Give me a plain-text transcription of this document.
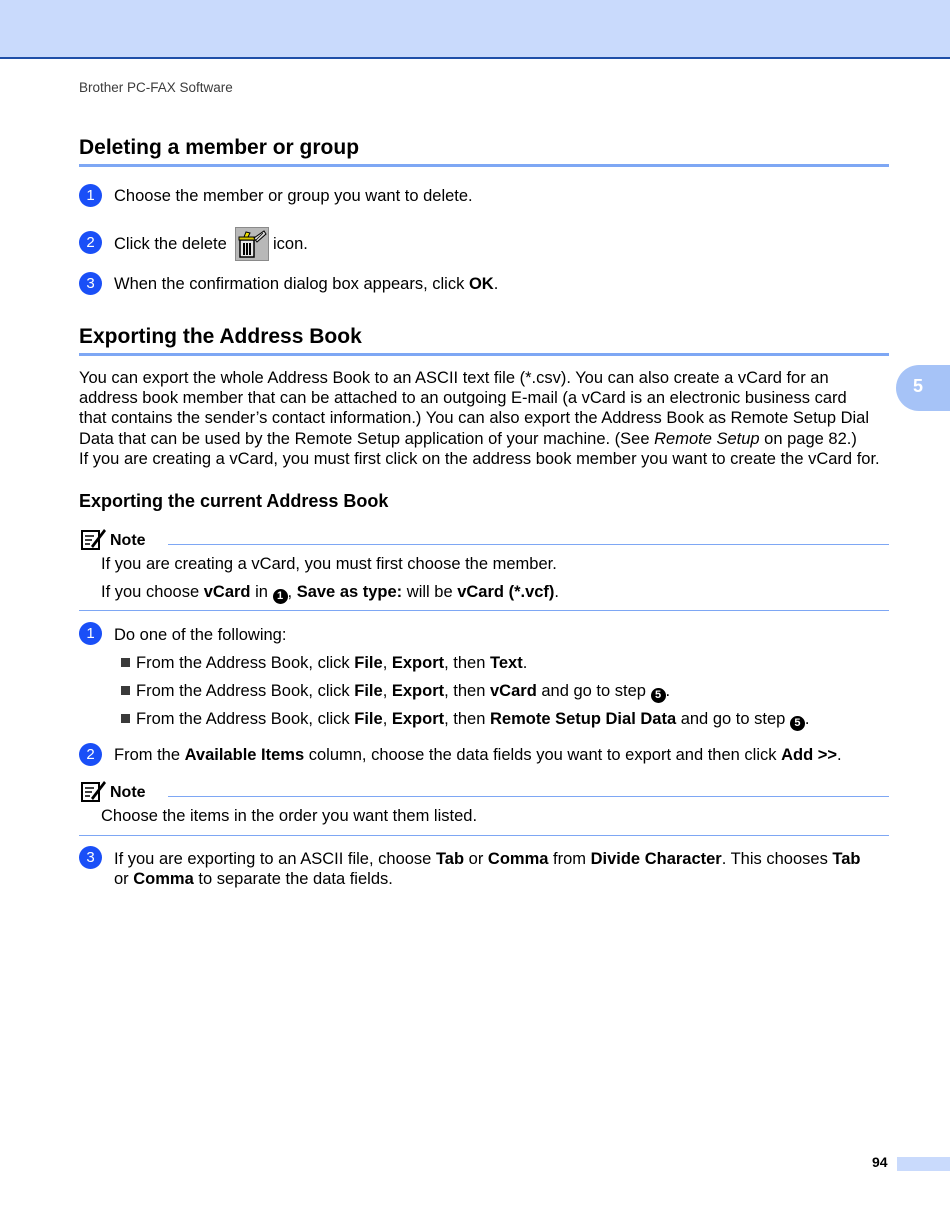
Brother PC-FAX Software
5
Deleting a member or group
1	Choose the member or group you want to delete.
2	Click the delete	icon.
3	When the confirmation dialog box appears, click OK.
Exporting the Address Book
You can export the whole Address Book to an ASCII text file (*.csv). You can also create a vCard for an
address book member that can be attached to an outgoing E-mail (a vCard is an electronic business card
that contains the sender’s contact information.) You can also export the Address Book as Remote Setup Dial
Data that can be used by the Remote Setup application of your machine. (See Remote Setup on page 82.)
If you are creating a vCard, you must first click on the address book member you want to create the vCard for.
Exporting the current Address Book
Note
If you are creating a vCard, you must first choose the member.
If you choose vCard in 1 , Save as type: will be vCard (*.vcf).
1	Do one of the following:
From the Address Book, click File, Export, then Text.
From the Address Book, click File, Export, then vCard and go to step 5 .
From the Address Book, click File, Export, then Remote Setup Dial Data and go to step 5 .
2	From the Available Items column, choose the data fields you want to export and then click Add >>.
Note
Choose the items in the order you want them listed.
3	If you are exporting to an ASCII file, choose Tab or Comma from Divide Character. This chooses Tab
or Comma to separate the data fields.
94
